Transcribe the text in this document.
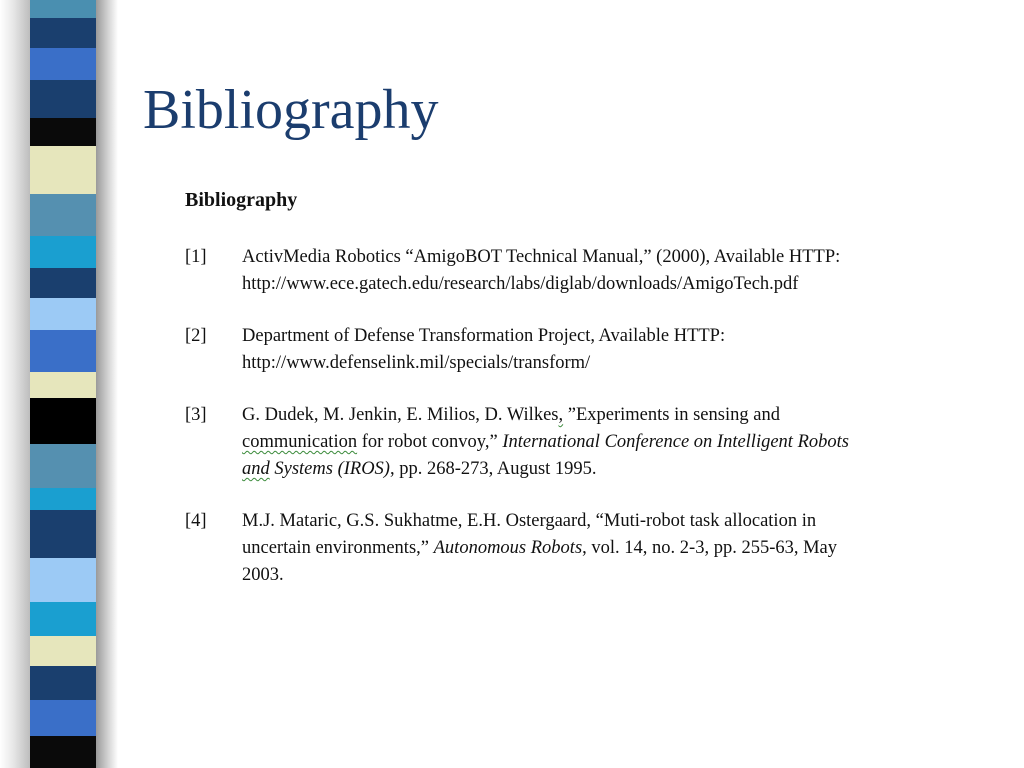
Bibliography
Bibliography
[1]	ActivMedia Robotics “AmigoBOT Technical Manual,” (2000), Available HTTP:
http://www.ece.gatech.edu/research/labs/diglab/downloads/AmigoTech.pdf
[2]	Department of Defense Transformation Project, Available HTTP:
http://www.defenselink.mil/specials/transform/
[3]	G. Dudek, M. Jenkin, E. Milios, D. Wilkes, ”Experiments in sensing and
communication for robot convoy,” International Conference on Intelligent Robots
and Systems (IROS), pp. 268-273, August 1995.
[4]	M.J. Mataric, G.S. Sukhatme, E.H. Ostergaard, “Muti-robot task allocation in
uncertain environments,” Autonomous Robots, vol. 14, no. 2-3, pp. 255-63, May
2003.
